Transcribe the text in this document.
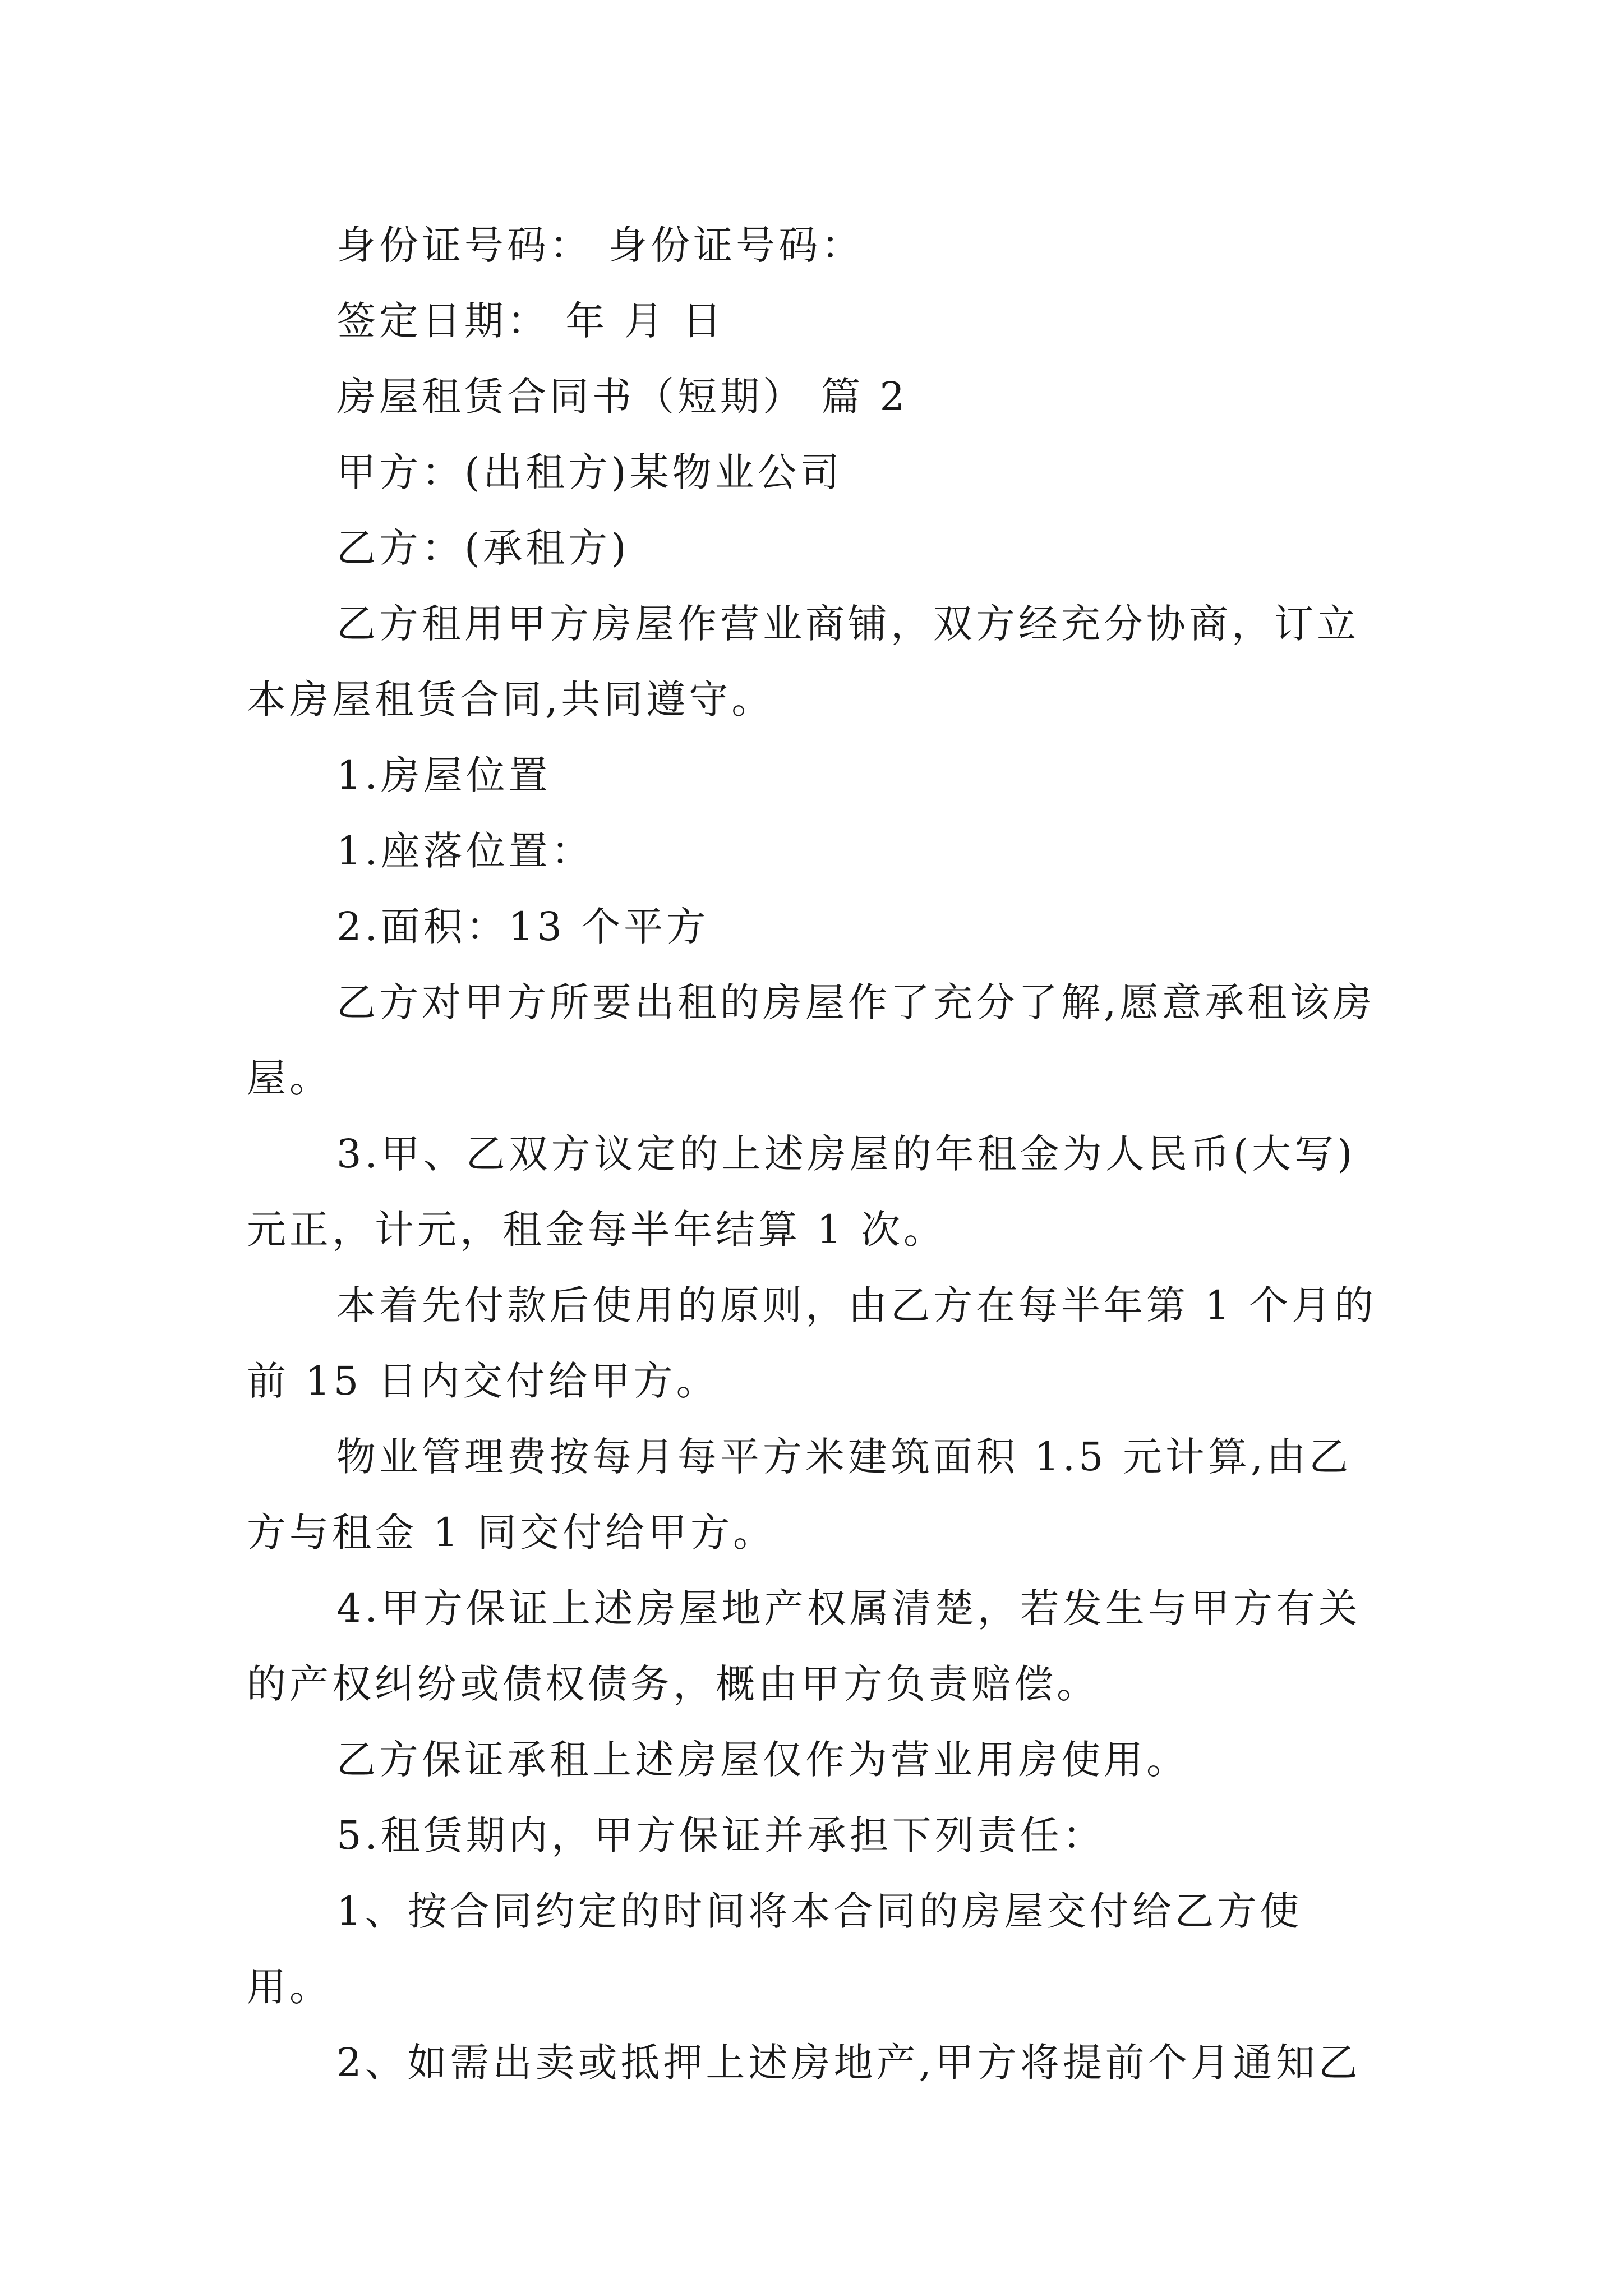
身份证号码： 身份证号码：

签定日期： 年 月 日

房屋租赁合同书（短期） 篇 2

甲方：(出租方)某物业公司

乙方：(承租方)

乙方租用甲方房屋作营业商铺，双方经充分协商，订立本房屋租赁合同,共同遵守。

1.房屋位置

1.座落位置：

2.面积：13 个平方

乙方对甲方所要出租的房屋作了充分了解,愿意承租该房屋。

3.甲、乙双方议定的上述房屋的年租金为人民币(大写)元正，计元，租金每半年结算 1 次。

本着先付款后使用的原则，由乙方在每半年第 1 个月的前 15 日内交付给甲方。

物业管理费按每月每平方米建筑面积 1.5 元计算,由乙方与租金 1 同交付给甲方。

4.甲方保证上述房屋地产权属清楚，若发生与甲方有关的产权纠纷或债权债务，概由甲方负责赔偿。

乙方保证承租上述房屋仅作为营业用房使用。

5.租赁期内，甲方保证并承担下列责任：

1、按合同约定的时间将本合同的房屋交付给乙方使用。

2、如需出卖或抵押上述房地产,甲方将提前个月通知乙
